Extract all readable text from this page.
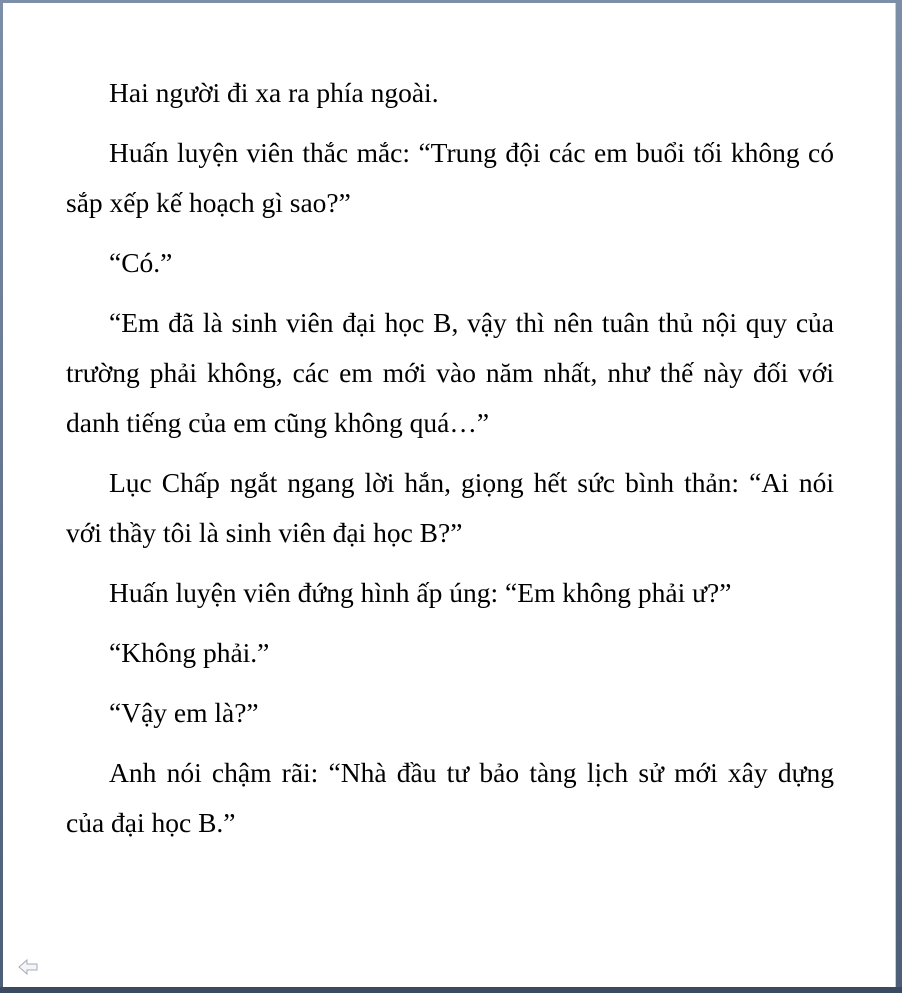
Hai người đi xa ra phía ngoài.

Huấn luyện viên thắc mắc: “Trung đội các em buổi tối không có sắp xếp kế hoạch gì sao?”

“Có.”

“Em đã là sinh viên đại học B, vậy thì nên tuân thủ nội quy của trường phải không, các em mới vào năm nhất, như thế này đối với danh tiếng của em cũng không quá…”

Lục Chấp ngắt ngang lời hắn, giọng hết sức bình thản: “Ai nói với thầy tôi là sinh viên đại học B?”

Huấn luyện viên đứng hình ấp úng: “Em không phải ư?”

“Không phải.”

“Vậy em là?”

Anh nói chậm rãi: “Nhà đầu tư bảo tàng lịch sử mới xây dựng của đại học B.”
